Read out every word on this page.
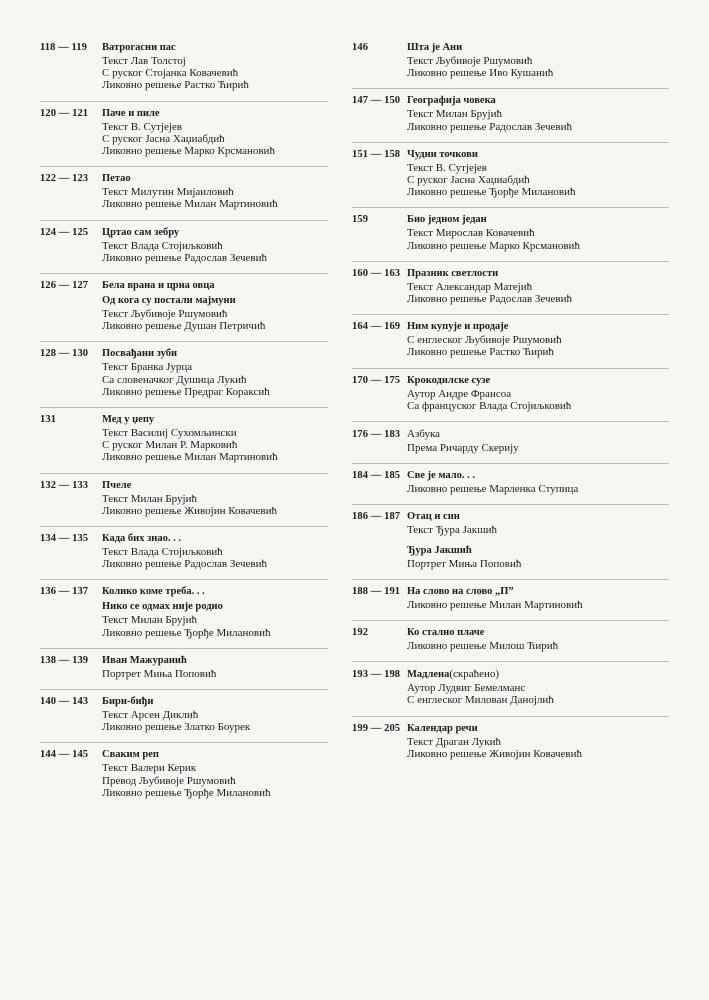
118 — 119	Ватрогасни пас
Текст Лав Толстој
С руског Стојанка Ковачевић
Ликовно решење Растко Ћирић
120 — 121	Паче и пиле
Текст В. Сутјејев
С руског Јасна Хаџиабдић
Ликовно решење Марко Крсмановић
122 — 123	Петао
Текст Милутин Мијаиловић
Ликовно решење Милан Мартиновић
124 — 125	Цртао сам зебру
Текст Влада Стојиљковић
Ликовно решење Радослав Зечевић
126 — 127	Бела врана и црна овца
Од кога су постали мајмуни
Текст Љубивоје Ршумовић
Ликовно решење Душан Петричић
128 — 130	Посвађани зуби
Текст Бранка Јурца
Са словеначког Душица Лукић
Ликовно решење Предраг Кораксић
131	Мед у џепу
Текст Василиј Сухомљински
С руског Милан Р. Марковић
Ликовно решење Милан Мартиновић
132 — 133	Пчеле
Текст Милан Брујић
Ликовно решење Живојин Ковачевић
134 — 135	Када бих знао. . .
Текст Влада Стојиљковић
Ликовно решење Радослав Зечевић
136 — 137	Колико коме треба. . .
Нико се одмах није родио
Текст Милан Брујић
Ликовно решење Ђорђе Милановић
138 — 139	Иван Мажуранић
Портрет Миња Поповић
140 — 143	Бири-биђи
Текст Арсен Диклић
Ликовно решење Златко Боурек
144 — 145	Сваким реп
Текст Валери Керик
Превод Љубивоје Ршумовић
Ликовно решење Ђорђе Милановић
146	Шта је Ани
Текст Љубивоје Ршумовић
Ликовно решење Иво Кушанић
147 — 150 Географија човека
Текст Милан Брујић
Ликовно решење Радослав Зечевић
151 — 158 Чудни точкови
Текст В. Сутјејев
С руског Јасна Хаџиабдић
Ликовно решење Ђорђе Милановић
159	Био једном један
Текст Мирослав Ковачевић
Ликовно решење Марко Крсмановић
160 — 163 Празник светлости
Текст Александар Матејић
Ликовно решење Радослав Зечевић
164 — 169 Ним купује и продаје
С енглеског Љубивоје Ршумовић
Ликовно решење Растко Ћирић
170 — 175 Крокодилске сузе
Аутор Андре Франсоа
Са француског Влада Стојиљковић
176 — 183 Азбука
Према Ричарду Скерију
184 — 185 Све је мало. . .
Ликовно решење Марленка Ступица
186 — 187 Отац и син
Текст Ђура Јакшић
Ђура Јакшић
Портрет Миња Поповић
188 — 191 На слово на слово „П”
Ликовно решење Милан Мартиновић
192	Ко стално плаче
Ликовно решење Милош Ћирић
193 — 198 Мадлена (скраћено)
Аутор Лудвиг Бемелманс
С енглеског Милован Данојлић
199 — 205 Календар речи
Текст Драган Лукић
Ликовно решење Живојин Ковачевић
